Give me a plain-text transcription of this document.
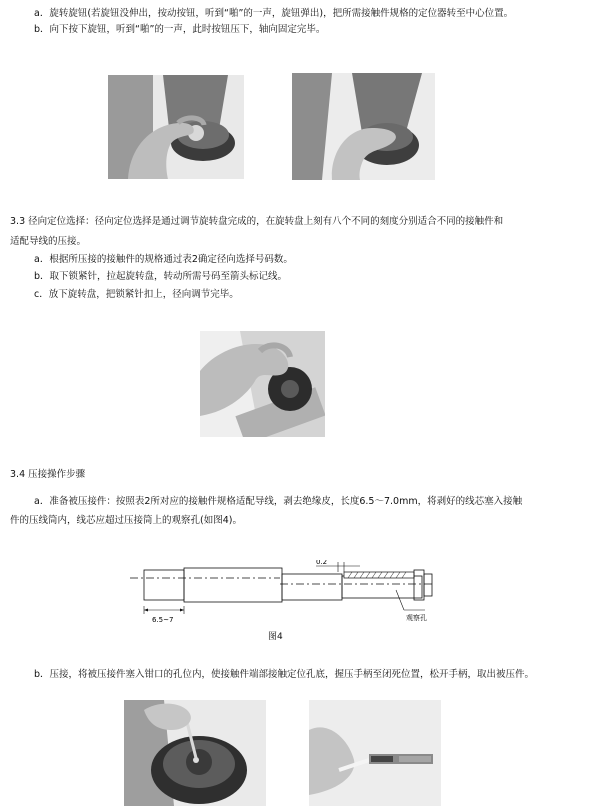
a．旋转旋钮(若旋钮没伸出，按动按钮，听到“啪”的一声，旋钮弹出)，把所需接触件规格的定位器转至中心位置。
b．向下按下旋钮，听到“啪”的一声，此时按钮压下，轴向固定完毕。
3.3 径向定位选择：径向定位选择是通过调节旋转盘完成的，在旋转盘上刻有八个不同的刻度分别适合不同的接触件和
适配导线的压接。
a．根据所压接的接触件的规格通过表2确定径向选择号码数。
b．取下锁紧针，拉起旋转盘，转动所需号码至箭头标记线。
c．放下旋转盘，把锁紧针扣上，径向调节完毕。
3.4 压接操作步骤
a．准备被压接件：按照表2所对应的接触件规格适配导线，剥去绝缘皮，长度6.5～7.0mm，将剥好的线芯塞入接触
件的压线筒内，线芯应超过压接筒上的观察孔(如图4)。
6.5~7
0.2
观察孔
图4
b．压接，将被压接件塞入钳口的孔位内，使接触件端部接触定位孔底，握压手柄至闭死位置，松开手柄，取出被压件。
